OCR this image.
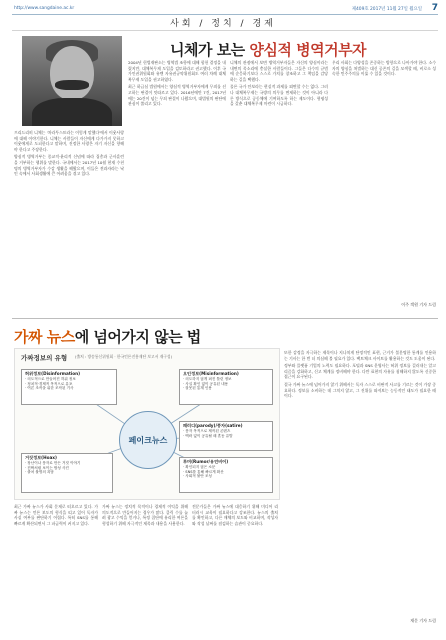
http://www.sangdaine.ac.kr	제409호 2017년 11월 27일 월요일 7
사회 / 정치 / 경제
니체가 보는 양심적 병역거부자

프리드리히 니체는 '차라투스트라는 이렇게 말했다'에서 이웃사랑에 대해 이야기한다. 니체는 사람들이 자신에게 다가가지 못하고 이웃에게로 도피한다고 말하며, 진정한 사랑은 자기 자신을 향해야 한다고 주장한다.

양심적 병역거부는 종교적·윤리적 신념에 따라 집총과 군사훈련을 거부하는 행위를 말한다. 국내에서는 2017년 10월 현재 수천 명의 병역거부자가 수감 생활을 해왔으며, 이들은 전과자라는 낙인 속에서 사회생활에 큰 어려움을 겪고 있다.

2004년 헌법재판소는 병역법 조항에 대해 합헌 결정을 내렸지만, 대체복무제 도입을 검토하라고 권고했다. 이후 국가인권위원회와 유엔 자유권규약위원회도 여러 차례 대체복무제 도입을 권고하였다.

최근 하급심 법원에서는 양심적 병역거부자에게 무죄를 선고하는 판결이 잇따르고 있다. 2016년에만 7건, 2017년에는 20건이 넘는 무죄 판결이 나왔으며, 대법원의 판단에 관심이 쏠리고 있다.

니체의 관점에서 보면 병역거부자들은 자신의 양심이라는 내면의 목소리에 충실한 사람들이다. 그들은 다수의 규범에 순응하기보다 스스로 가치를 창조하고 그 책임을 감당하는 길을 택했다.

물론 국가 안보라는 현실적 과제를 외면할 수는 없다. 그러나 대체복무제는 국방의 의무를 면제하는 것이 아니라 다른 방식으로 공동체에 기여하도록 하는 제도이다. 형평성을 갖춘 대체복무제 마련이 시급하다.

우리 사회는 다양성을 존중하는 방향으로 나아가야 한다. 소수자의 양심을 처벌하는 대신 공존의 길을 모색할 때, 비로소 성숙한 민주주의를 이룰 수 있을 것이다.

이주 객원 기자 드림
가짜 뉴스에 넘어가지 않는 법
가짜정보의 유형 (출처 : 방송통신위원회 · 한국언론진흥재단 보고서 재구성)
허위정보(Disinformation)
· 의도적으로 만들어진 허위 정보
· 정치적·경제적 목적으로 유포
· 여론 조작을 위한 조작된 기사
오인정보(Misinformation)
· 의도하지 않게 퍼진 틀린 정보
· 사실 확인 없이 공유된 내용
· 잘못된 통계 인용
거짓정보(Hoax)
· 장난이나 풍자로 만든 거짓 이야기
· 진짜처럼 보이는 합성 사진
· 출처 불명의 괴담
패러디(parody)/풍자(satire)
· 풍자 목적으로 제작된 콘텐츠
· 맥락 없이 공유될 때 혼동 유발
루머(Rumor/유언비어)
· 확인되지 않은 소문
· SNS를 통해 빠르게 확산
· 사회적 불안 조성
페이크뉴스

또한 감정을 자극하는 제목이나 지나치게 단정적인 표현, 근거가 불분명한 통계를 인용하는 기사는 한 번 더 의심해 볼 필요가 있다. 팩트체크 사이트를 활용하는 것도 도움이 된다.

정부와 플랫폼 기업의 노력도 필요하다. 포털과 SNS 운영사는 허위 정보를 걸러내는 알고리즘을 강화하고, 신고 체계를 정비해야 한다. 다만 표현의 자유를 침해하지 않도록 신중한 접근이 요구된다.

결국 가짜 뉴스에 넘어가지 않기 위해서는 독자 스스로 비판적 사고를 기르는 것이 가장 중요하다. 정보를 소비하는 데 그치지 않고, 그 진위를 따져보는 능동적인 태도가 필요한 때이다.

최근 가짜 뉴스가 사회 문제로 떠오르고 있다. 가짜 뉴스는 언론 보도의 형식을 띠고 있어 독자가 사실 여부를 판단하기 어렵다. 특히 SNS를 통해 빠르게 확산되면서 그 파급력이 커지고 있다.

가짜 뉴스는 정치적 목적이나 경제적 이익을 위해 의도적으로 만들어지는 경우가 많다. 클릭 수를 늘려 광고 수익을 얻거나, 특정 집단에 유리한 여론을 형성하기 위해 자극적인 제목과 내용을 사용한다.

전문가들은 가짜 뉴스에 대응하기 위해 미디어 리터러시 교육이 필요하다고 강조한다. 뉴스의 출처를 확인하고, 다른 매체의 보도와 비교하며, 작성자와 작성 날짜를 점검하는 습관이 중요하다.

재문 기자 드림
